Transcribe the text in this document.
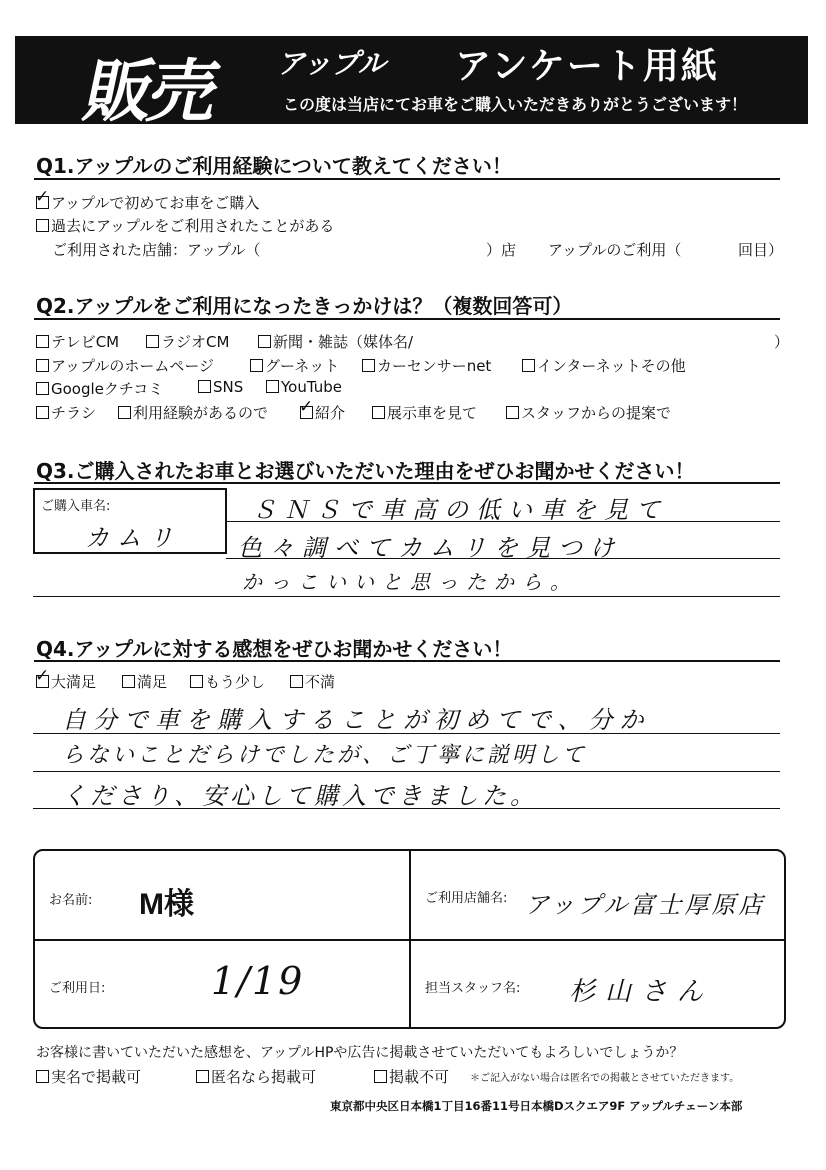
販売 アップル アンケート用紙
この度は当店にてお車をご購入いただきありがとうございます！
Q1.アップルのご利用経験について教えてください！
✓アップルで初めてお車をご購入
過去にアップルをご利用されたことがある
ご利用された店舗：アップル（	）店 アップルのご利用（	回目）
Q2.アップルをご利用になったきっかけは？（複数回答可）
テレビCM	ラジオCM	新聞・雑誌（媒体名/	）
アップルのホームページ	グーネット	カーセンサーnet	インターネットその他
Googleクチコミ	SNS	YouTube
チラシ	利用経験があるので
✓	紹介	展示車を見て	スタッフからの提案で
Q3.ご購入されたお車とお選びいただいた理由をぜひお聞かせください！
ご購入車名:
カムリ
ＳＮＳで車高の低い車を見て
色々調べてカムリを見つけ
かっこいいと思ったから。
Q4.アップルに対する感想をぜひお聞かせください！
✓大満足	満足	もう少し	不満
自分で車を購入することが初めてで、分か
らないことだらけでしたが、ご丁寧に説明して
くださり、安心して購入できました。
お名前: M様	ご利用店舗名: アップル富士厚原店
ご利用日:	1/19	担当スタッフ名: 杉山さん
お客様に書いていただいた感想を、アップルHPや広告に掲載させていただいてもよろしいでしょうか？
実名で掲載可	匿名なら掲載可	掲載不可 ＊ご記入がない場合は匿名での掲載とさせていただきます。
東京都中央区日本橋1丁目16番11号日本橋Dスクエア9F アップルチェーン本部
